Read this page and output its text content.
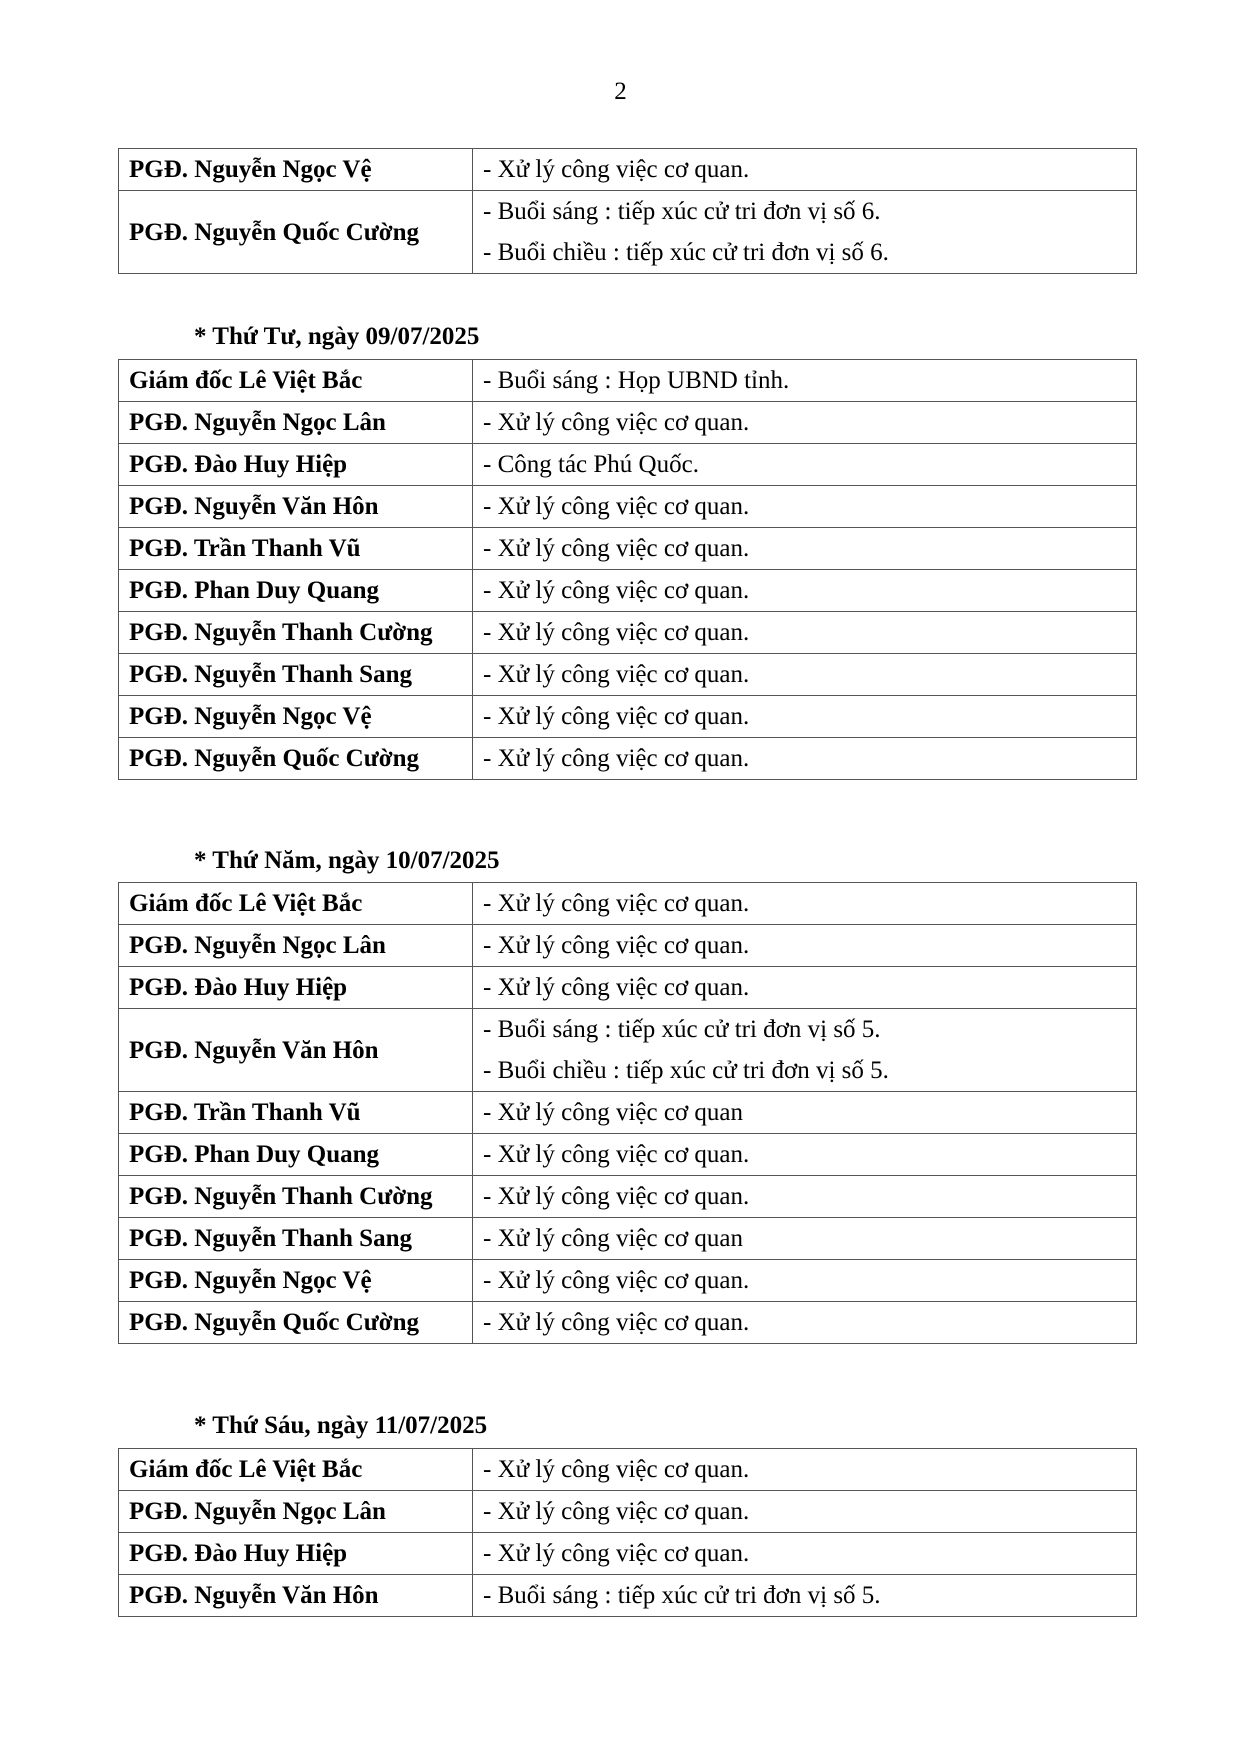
2
PGĐ. Nguyễn Ngọc Vệ	- Xử lý công việc cơ quan.

PGĐ. Nguyễn Quốc Cường	- Buổi sáng : tiếp xúc cử tri đơn vị số 6.
- Buổi chiều : tiếp xúc cử tri đơn vị số 6.
* Thứ Tư, ngày 09/07/2025
Giám đốc Lê Việt Bắc	- Buổi sáng : Họp UBND tỉnh.

PGĐ. Nguyễn Ngọc Lân	- Xử lý công việc cơ quan.

PGĐ. Đào Huy Hiệp	- Công tác Phú Quốc.

PGĐ. Nguyễn Văn Hôn	- Xử lý công việc cơ quan.

PGĐ. Trần Thanh Vũ	- Xử lý công việc cơ quan.

PGĐ. Phan Duy Quang	- Xử lý công việc cơ quan.

PGĐ. Nguyễn Thanh Cường	- Xử lý công việc cơ quan.

PGĐ. Nguyễn Thanh Sang	- Xử lý công việc cơ quan.

PGĐ. Nguyễn Ngọc Vệ	- Xử lý công việc cơ quan.

PGĐ. Nguyễn Quốc Cường	- Xử lý công việc cơ quan.
* Thứ Năm, ngày 10/07/2025
Giám đốc Lê Việt Bắc	- Xử lý công việc cơ quan.

PGĐ. Nguyễn Ngọc Lân	- Xử lý công việc cơ quan.

PGĐ. Đào Huy Hiệp	- Xử lý công việc cơ quan.

PGĐ. Nguyễn Văn Hôn	- Buổi sáng : tiếp xúc cử tri đơn vị số 5.
- Buổi chiều : tiếp xúc cử tri đơn vị số 5.

PGĐ. Trần Thanh Vũ	- Xử lý công việc cơ quan

PGĐ. Phan Duy Quang	- Xử lý công việc cơ quan.

PGĐ. Nguyễn Thanh Cường	- Xử lý công việc cơ quan.

PGĐ. Nguyễn Thanh Sang	- Xử lý công việc cơ quan

PGĐ. Nguyễn Ngọc Vệ	- Xử lý công việc cơ quan.

PGĐ. Nguyễn Quốc Cường	- Xử lý công việc cơ quan.
* Thứ Sáu, ngày 11/07/2025
Giám đốc Lê Việt Bắc	- Xử lý công việc cơ quan.

PGĐ. Nguyễn Ngọc Lân	- Xử lý công việc cơ quan.

PGĐ. Đào Huy Hiệp	- Xử lý công việc cơ quan.

PGĐ. Nguyễn Văn Hôn	- Buổi sáng : tiếp xúc cử tri đơn vị số 5.
